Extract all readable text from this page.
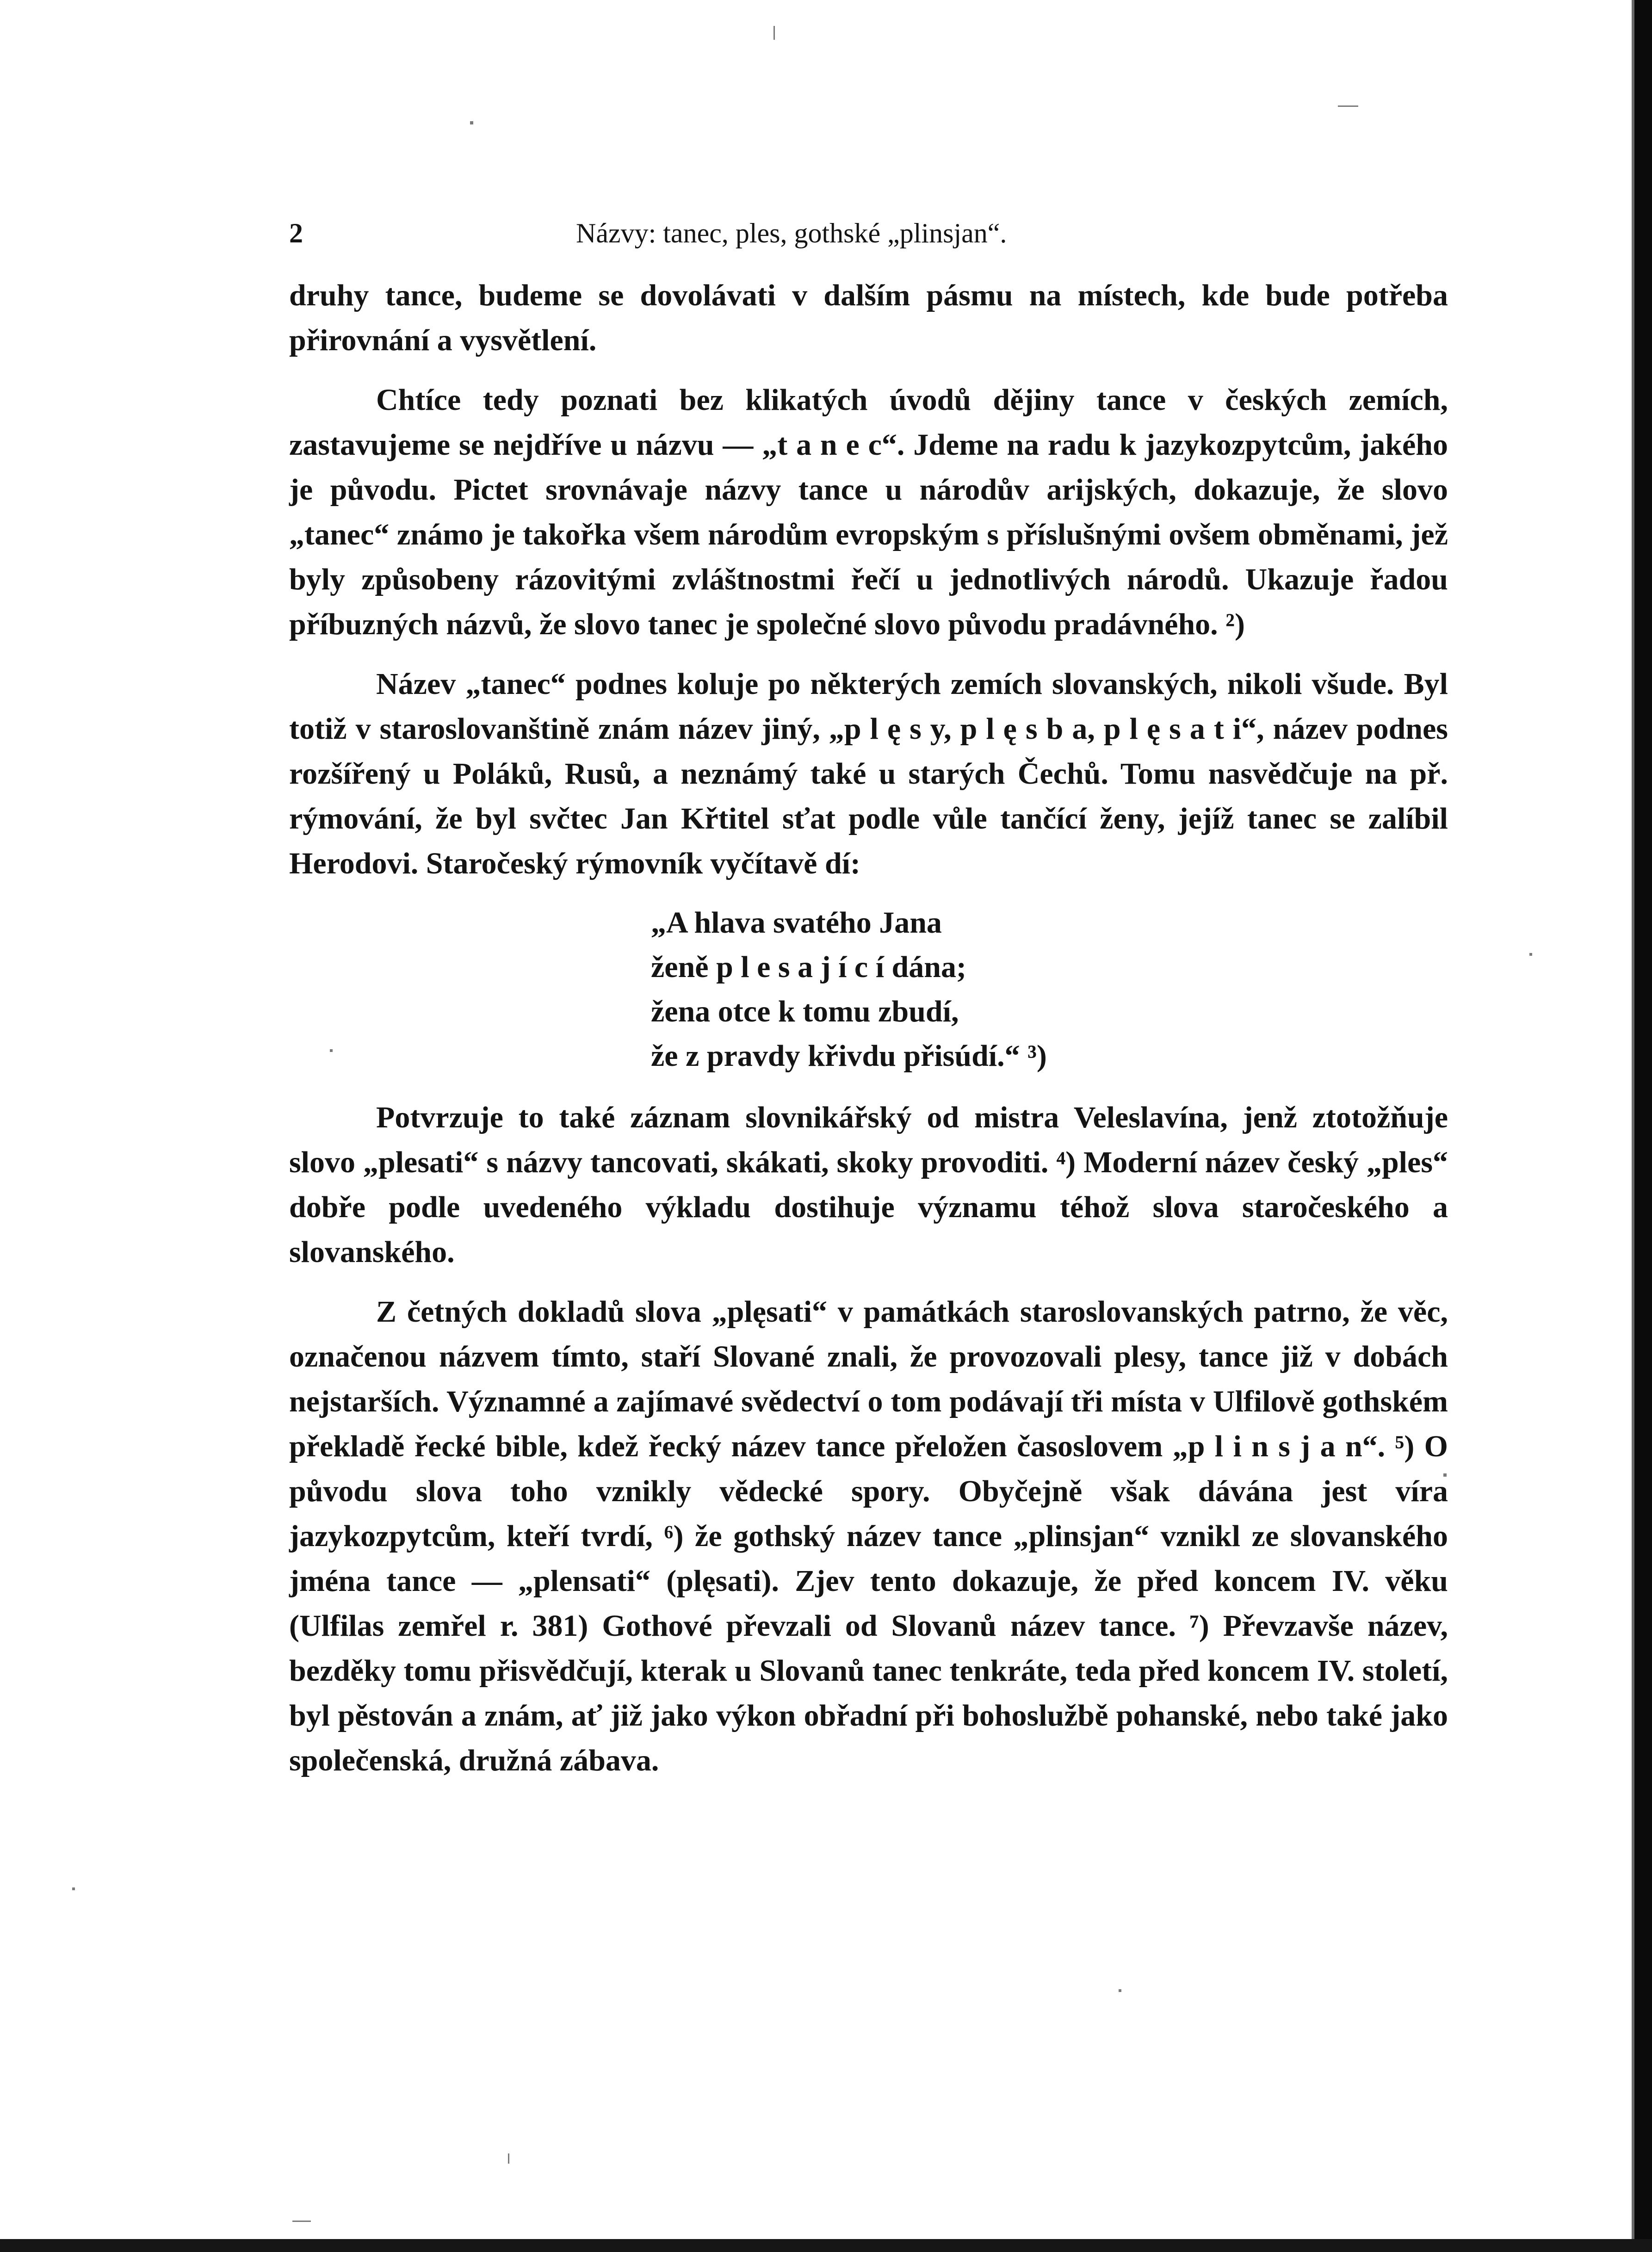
2	Názvy: tanec, ples, gothské „plinsjan“.

druhy tance, budeme se dovolávati v dalším pásmu na místech, kde bude potřeba přirovnání a vysvětlení.

Chtíce tedy poznati bez klikatých úvodů dějiny tance v českých zemích, zastavujeme se nejdříve u názvu — „t a n e c“. Jdeme na radu k jazykozpytcům, jakého je původu. Pictet srovnávaje názvy tance u národův arijských, dokazuje, že slovo „tanec“ známo je takořka všem národům evropským s příslušnými ovšem obměnami, jež byly způsobeny rázovitými zvláštnostmi řečí u jednotlivých národů. Ukazuje řadou příbuzných názvů, že slovo tanec je společné slovo původu pradávného. ²)

Název „tanec“ podnes koluje po některých zemích slovanských, nikoli všude. Byl totiž v staroslovanštině znám název jiný, „p l ę s y, p l ę s b a, p l ę s a t i“, název podnes rozšířený u Poláků, Rusů, a neznámý také u starých Čechů. Tomu nasvědčuje na př. rýmování, že byl svčtec Jan Křtitel sťat podle vůle tančící ženy, jejíž tanec se zalíbil Herodovi. Staročeský rýmovník vyčítavě dí:

„A hlava svatého Jana
ženě p l e s a j í c í dána;
žena otce k tomu zbudí,
že z pravdy křivdu přisúdí.“ ³)

Potvrzuje to také záznam slovnikářský od mistra Veleslavína, jenž ztotožňuje slovo „plesati“ s názvy tancovati, skákati, skoky provoditi. ⁴) Moderní název český „ples“ dobře podle uvedeného výkladu dostihuje významu téhož slova staročeského a slovanského.

Z četných dokladů slova „plęsati“ v památkách staroslovanských patrno, že věc, označenou názvem tímto, staří Slované znali, že provozovali plesy, tance již v dobách nejstarších. Významné a zajímavé svědectví o tom podávají tři místa v Ulfilově gothském překladě řecké bible, kdež řecký název tance přeložen časoslovem „p l i n s j a n“. ⁵) O původu slova toho vznikly vědecké spory. Obyčejně však dávána jest víra jazykozpytcům, kteří tvrdí, ⁶) že gothský název tance „plinsjan“ vznikl ze slovanského jména tance — „plensati“ (plęsati). Zjev tento dokazuje, že před koncem IV. věku (Ulfilas zemřel r. 381) Gothové převzali od Slovanů název tance. ⁷) Převzavše název, bezděky tomu přisvědčují, kterak u Slovanů tanec tenkráte, teda před koncem IV. století, byl pěstován a znám, ať již jako výkon obřadní při bohoslužbě pohanské, nebo také jako společenská, družná zábava.
